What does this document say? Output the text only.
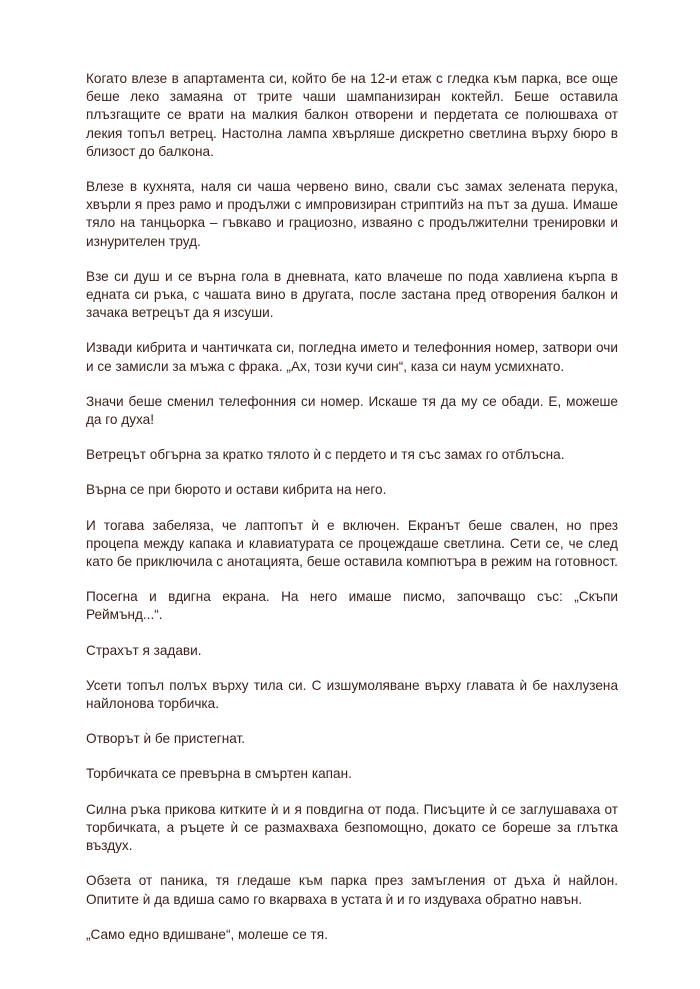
Когато влезе в апартамента си, който бе на 12-и етаж с гледка към парка, все още беше леко замаяна от трите чаши шампанизиран коктейл. Беше оставила плъзгащите се врати на малкия балкон отворени и пердетата се полюшваха от лекия топъл ветрец. Настолна лампа хвърляше дискретно светлина върху бюро в близост до балкона.

Влезе в кухнята, наля си чаша червено вино, свали със замах зелената перука, хвърли я през рамо и продължи с импровизиран стриптийз на път за душа. Имаше тяло на танцьорка – гъвкаво и грациозно, изваяно с продължителни тренировки и изнурителен труд.

Взе си душ и се върна гола в дневната, като влачеше по пода хавлиена кърпа в едната си ръка, с чашата вино в другата, после застана пред отворения балкон и зачака ветрецът да я изсуши.

Извади кибрита и чантичката си, погледна името и телефонния номер, затвори очи и се замисли за мъжа с фрака. „Ах, този кучи син“, каза си наум усмихнато.

Значи беше сменил телефонния си номер. Искаше тя да му се обади. Е, можеше да го духа!

Ветрецът обгърна за кратко тялото ѝ с пердето и тя със замах го отблъсна.

Върна се при бюрото и остави кибрита на него.

И тогава забеляза, че лаптопът ѝ е включен. Екранът беше свален, но през процепа между капака и клавиатурата се процеждаше светлина. Сети се, че след като бе приключила с анотацията, беше оставила компютъра в режим на готовност.

Посегна и вдигна екрана. На него имаше писмо, започващо със: „Скъпи Реймънд...“.

Страхът я задави.

Усети топъл полъх върху тила си. С изшумоляване върху главата ѝ бе нахлузена найлонова торбичка.

Отворът ѝ бе пристегнат.

Торбичката се превърна в смъртен капан.

Силна ръка прикова китките ѝ и я повдигна от пода. Писъците ѝ се заглушаваха от торбичката, а ръцете ѝ се размахваха безпомощно, докато се бореше за глътка въздух.

Обзета от паника, тя гледаше към парка през замъгления от дъха ѝ найлон. Опитите ѝ да вдиша само го вкарваха в устата ѝ и го издуваха обратно навън.

„Само едно вдишване“, молеше се тя.
